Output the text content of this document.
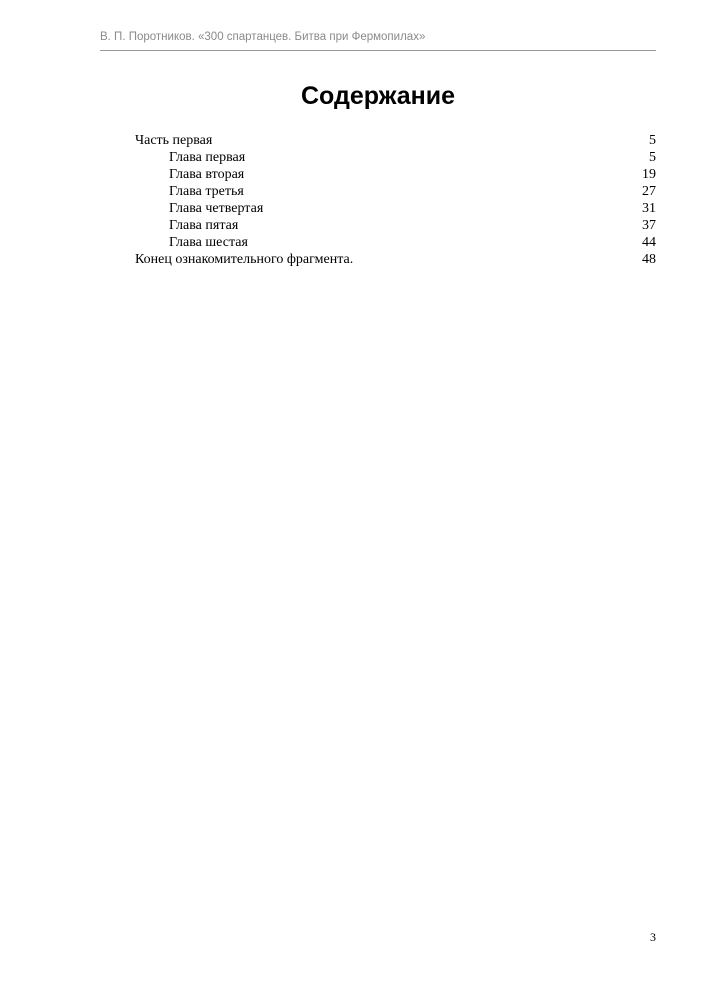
В. П. Поротников. «300 спартанцев. Битва при Фермопилах»
Содержание
Часть первая	5
Глава первая	5
Глава вторая	19
Глава третья	27
Глава четвертая	31
Глава пятая	37
Глава шестая	44
Конец ознакомительного фрагмента.	48
3
